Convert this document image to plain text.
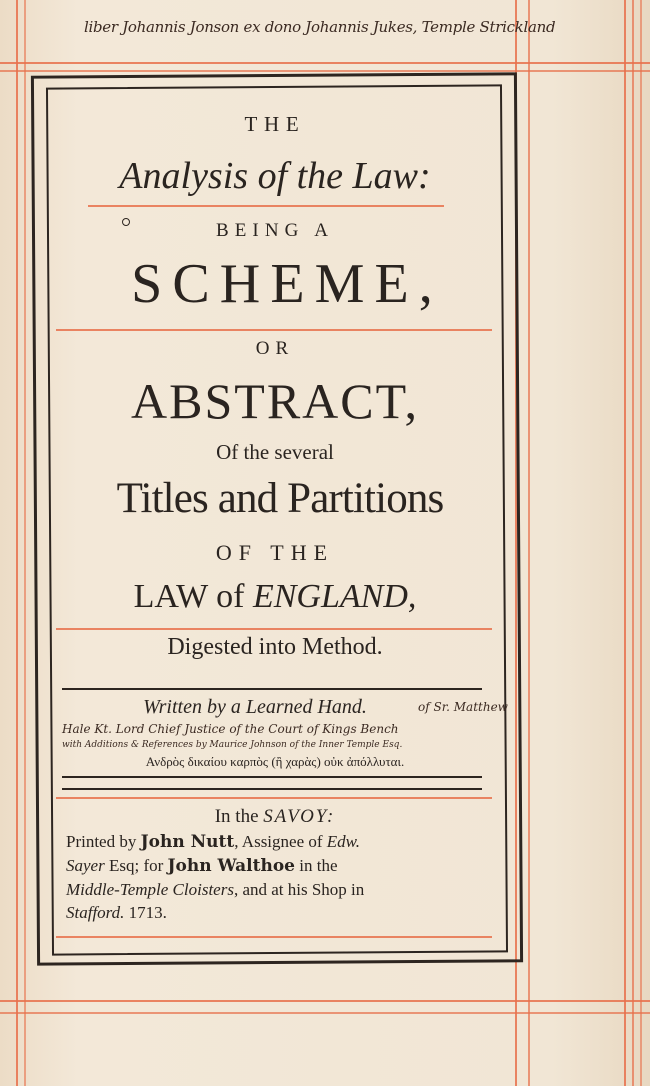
liber Johannis Jonson ex dono Johannis Jukes, Temple Strickland
THE
Analysis of the Law:
BEING A
SCHEME,
OR
ABSTRACT,
Of the several
Titles and Partitions
OF THE
LAW of ENGLAND,
Digested into Method.
Written by a Learned Hand.	of Sr. Matthew
Hale Kt. Lord Chief Justice of the Court of Kings Bench
with Additions & References by Maurice Johnson of the Inner Temple Esq.
Ανδρὸς δικαίου καρπὸς (ἢ χαρὰς) οὐκ ἀπόλλυται.
In the SAVOY:
Printed by John Nutt, Assignee of Edw.
Sayer Esq; for John Walthoe in the
Middle-Temple Cloisters, and at his Shop in
Stafford. 1713.
